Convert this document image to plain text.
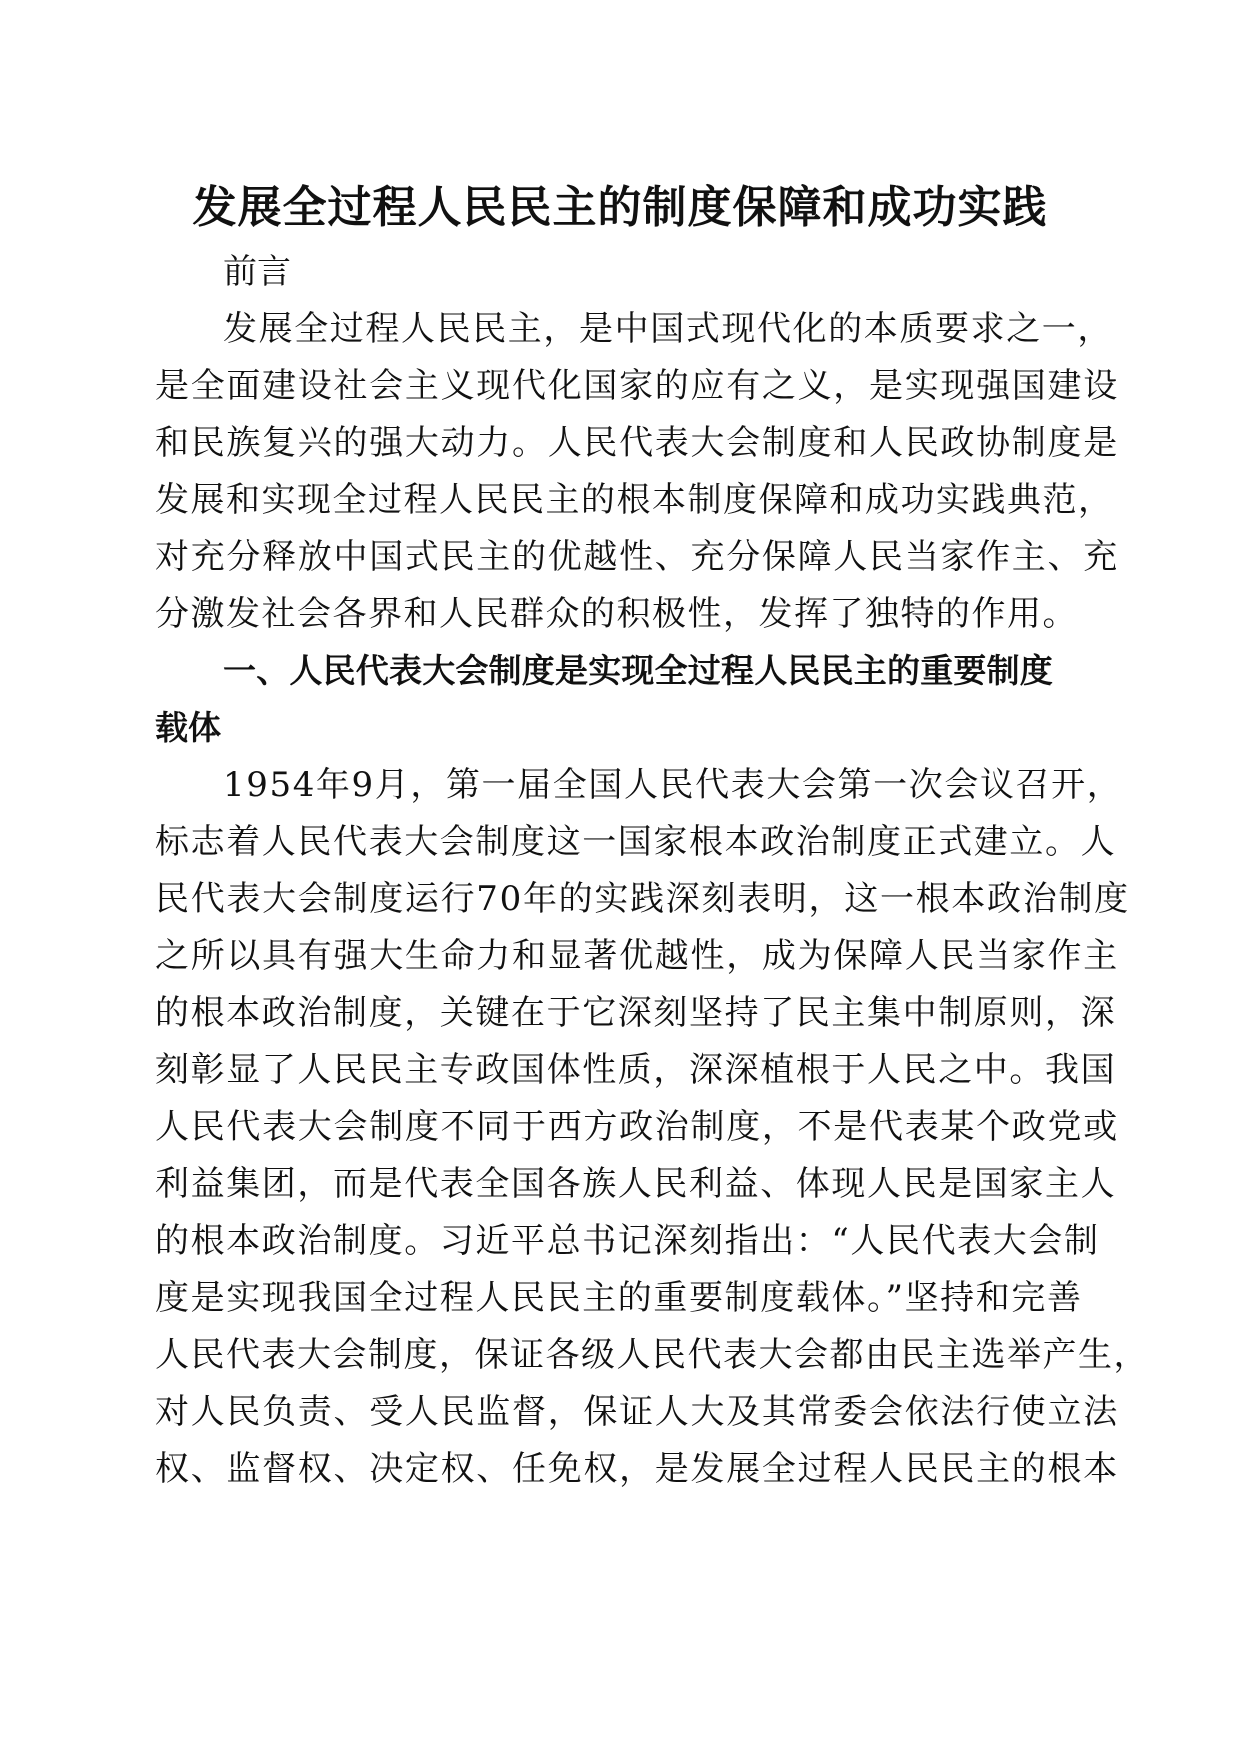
发展全过程人民民主的制度保障和成功实践

前言

发展全过程人民民主，是中国式现代化的本质要求之一，

是全面建设社会主义现代化国家的应有之义，是实现强国建设

和民族复兴的强大动力。人民代表大会制度和人民政协制度是

发展和实现全过程人民民主的根本制度保障和成功实践典范，

对充分释放中国式民主的优越性、充分保障人民当家作主、充

分激发社会各界和人民群众的积极性，发挥了独特的作用。

一、人民代表大会制度是实现全过程人民民主的重要制度

载体

1954年9月，第一届全国人民代表大会第一次会议召开，

标志着人民代表大会制度这一国家根本政治制度正式建立。人

民代表大会制度运行70年的实践深刻表明，这一根本政治制度

之所以具有强大生命力和显著优越性，成为保障人民当家作主

的根本政治制度，关键在于它深刻坚持了民主集中制原则，深

刻彰显了人民民主专政国体性质，深深植根于人民之中。我国

人民代表大会制度不同于西方政治制度，不是代表某个政党或

利益集团，而是代表全国各族人民利益、体现人民是国家主人

的根本政治制度。习近平总书记深刻指出：“人民代表大会制

度是实现我国全过程人民民主的重要制度载体。”坚持和完善

人民代表大会制度，保证各级人民代表大会都由民主选举产生，

对人民负责、受人民监督，保证人大及其常委会依法行使立法

权、监督权、决定权、任免权，是发展全过程人民民主的根本
